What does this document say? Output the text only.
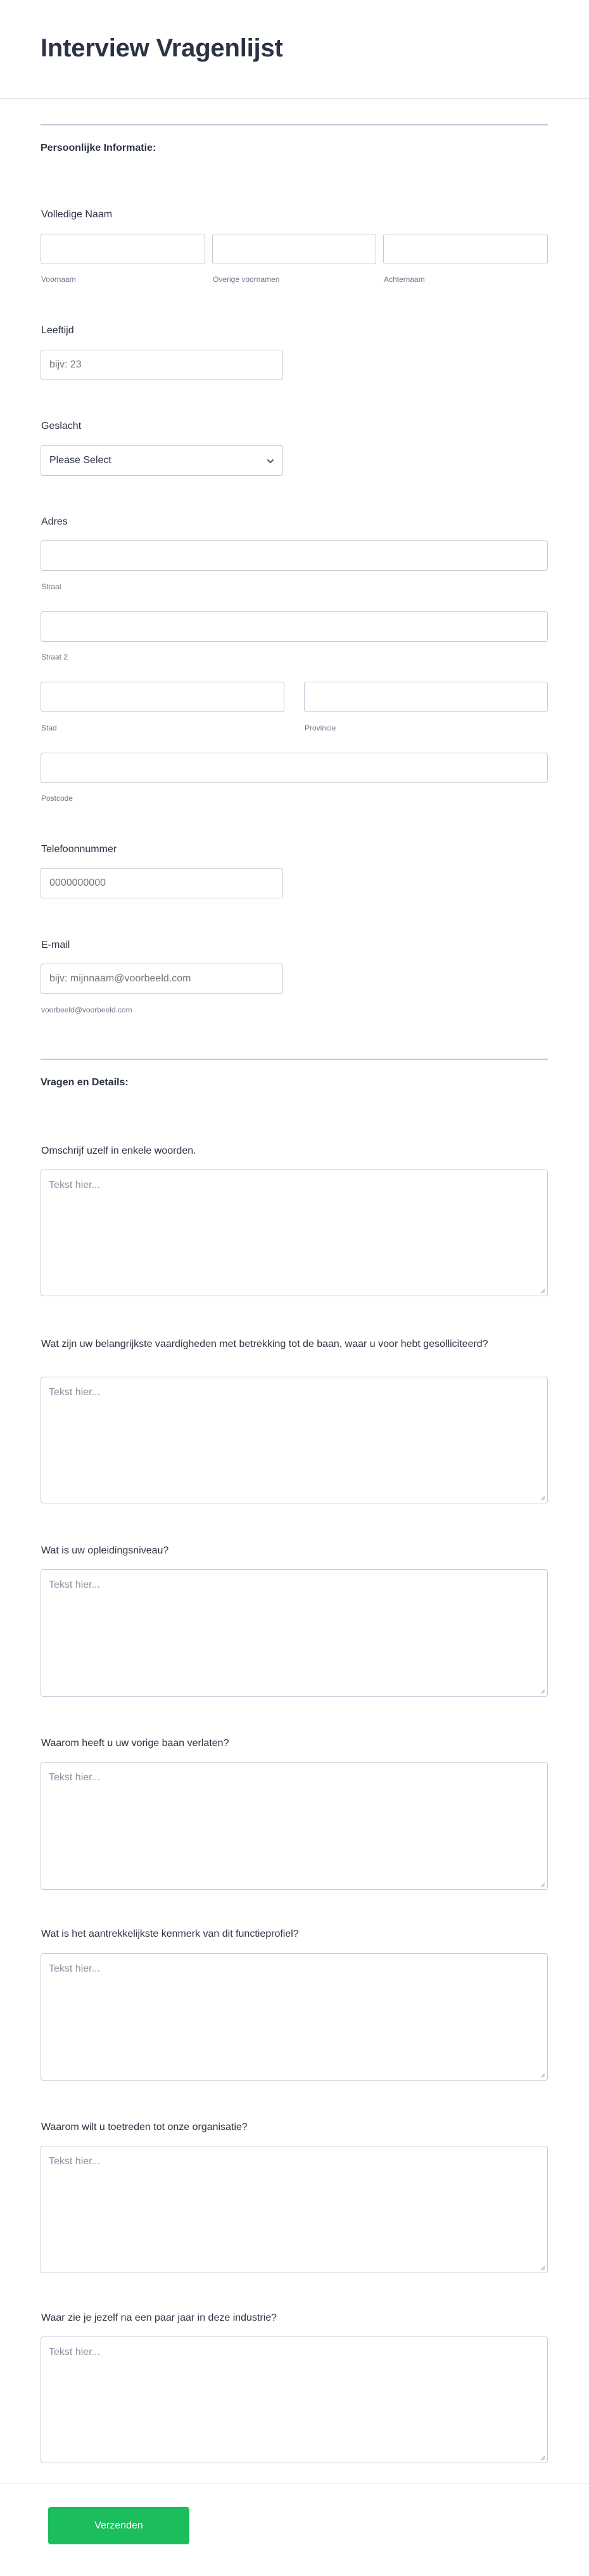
Interview Vragenlijst
Persoonlijke Informatie:
Volledige Naam
Voornaam	Overige voornamen	Achternaam
Leeftijd
bijv: 23
Geslacht
Please Select
Adres
Straat
Straat 2
Stad	Provincie
Postcode
Telefoonnummer
0000000000
E-mail
bijv: mijnnaam@voorbeeld.com
voorbeeld@voorbeeld.com
Vragen en Details:
Omschrijf uzelf in enkele woorden.
Tekst hier...
Wat zijn uw belangrijkste vaardigheden met betrekking tot de baan, waar u voor hebt gesolliciteerd?
Tekst hier...
Wat is uw opleidingsniveau?
Tekst hier...
Waarom heeft u uw vorige baan verlaten?
Tekst hier...
Wat is het aantrekkelijkste kenmerk van dit functieprofiel?
Tekst hier...
Waarom wilt u toetreden tot onze organisatie?
Tekst hier...
Waar zie je jezelf na een paar jaar in deze industrie?
Tekst hier...
Verzenden
